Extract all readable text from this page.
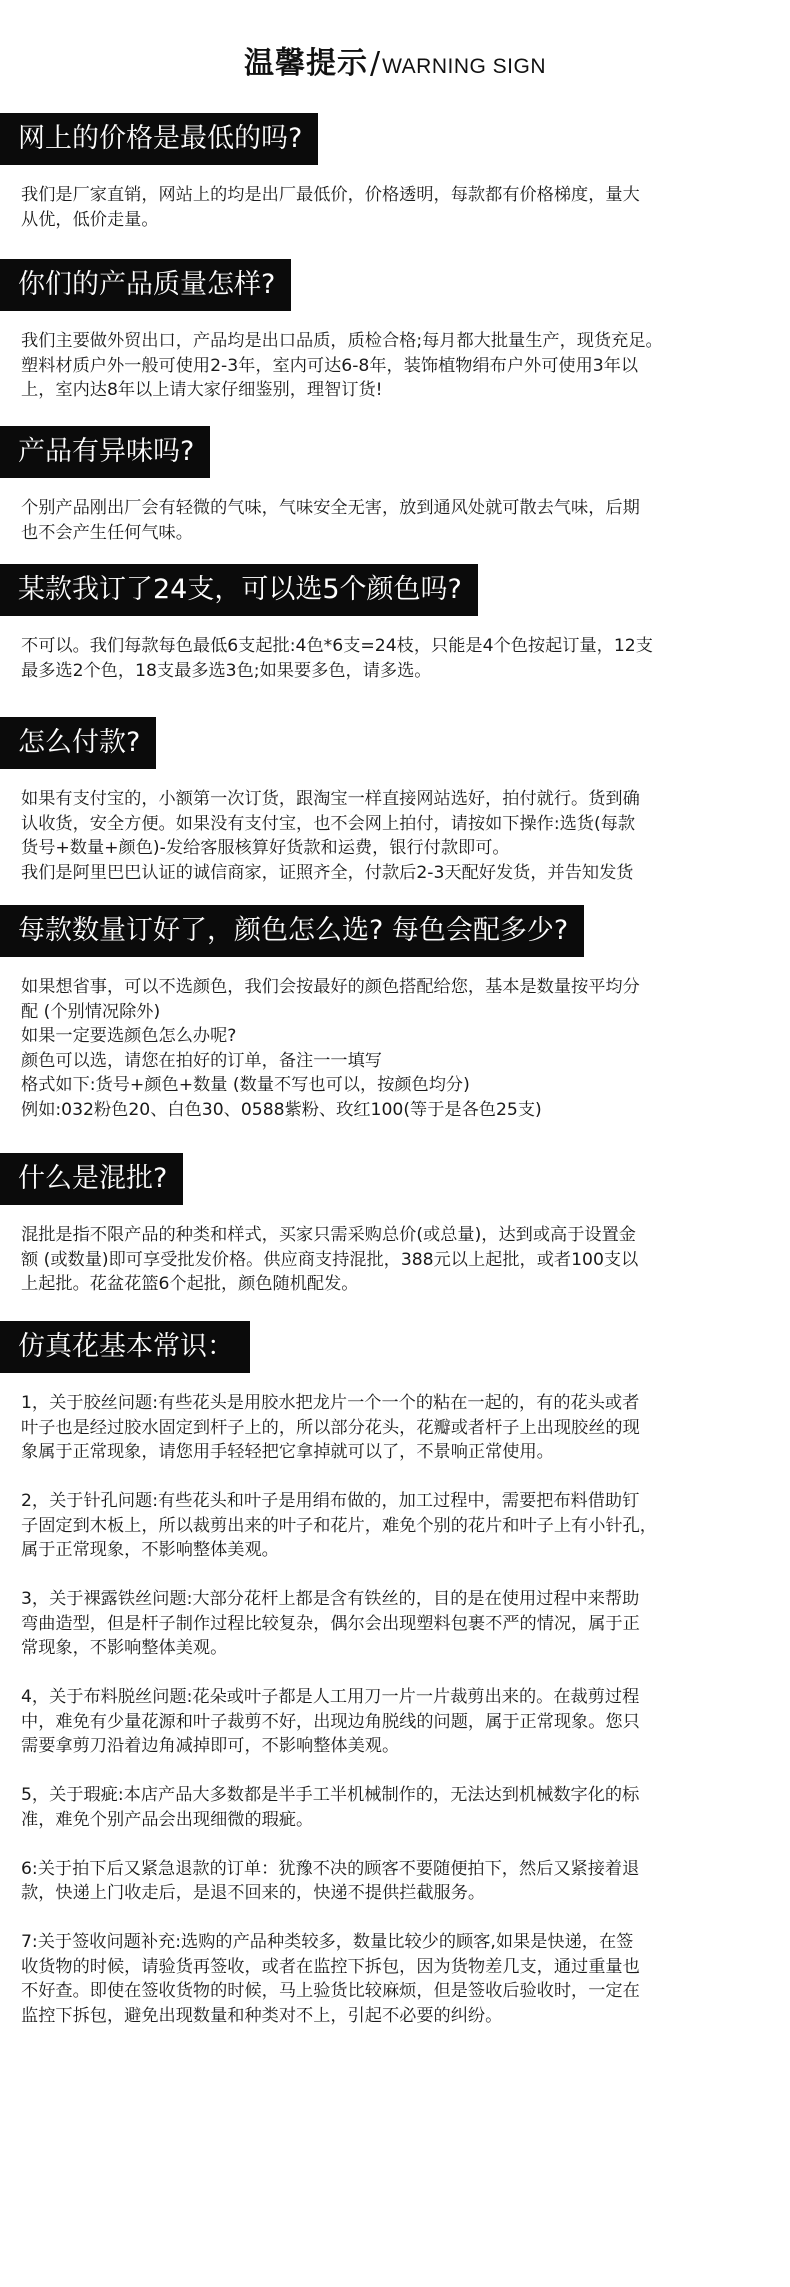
温馨提示/WARNING SIGN
网上的价格是最低的吗?
我们是厂家直销，网站上的均是出厂最低价，价格透明，每款都有价格梯度，量大
从优，低价走量。
你们的产品质量怎样?
我们主要做外贸出口，产品均是出口品质，质检合格;每月都大批量生产，现货充足。
塑料材质户外一般可使用2-3年，室内可达6-8年，装饰植物绢布户外可使用3年以
上，室内达8年以上请大家仔细鉴别，理智订货!
产品有异味吗?
个别产品刚出厂会有轻微的气味，气味安全无害，放到通风处就可散去气味，后期
也不会产生任何气味。
某款我订了24支，可以选5个颜色吗?
不可以。我们每款每色最低6支起批:4色*6支=24枝，只能是4个色按起订量，12支
最多选2个色，18支最多选3色;如果要多色，请多选。
怎么付款?
如果有支付宝的，小额第一次订货，跟淘宝一样直接网站选好，拍付就行。货到确
认收货，安全方便。如果没有支付宝，也不会网上拍付，请按如下操作:选货(每款
货号+数量+颜色)-发给客服核算好货款和运费，银行付款即可。
我们是阿里巴巴认证的诚信商家，证照齐全，付款后2-3天配好发货，并告知发货
每款数量订好了，颜色怎么选? 每色会配多少?
如果想省事，可以不选颜色，我们会按最好的颜色搭配给您，基本是数量按平均分
配 (个别情况除外)
如果一定要选颜色怎么办呢?
颜色可以选，请您在拍好的订单，备注一一填写
格式如下:货号+颜色+数量 (数量不写也可以，按颜色均分)
例如:032粉色20、白色30、0588紫粉、玫红100(等于是各色25支)
什么是混批?
混批是指不限产品的种类和样式，买家只需采购总价(或总量)，达到或高于设置金
额 (或数量)即可享受批发价格。供应商支持混批，388元以上起批，或者100支以
上起批。花盆花篮6个起批，颜色随机配发。
仿真花基本常识：
1，关于胶丝问题:有些花头是用胶水把龙片一个一个的粘在一起的，有的花头或者
叶子也是经过胶水固定到杆子上的，所以部分花头，花瓣或者杆子上出现胶丝的现
象属于正常现象，请您用手轻轻把它拿掉就可以了，不景响正常使用。
2，关于针孔问题:有些花头和叶子是用绢布做的，加工过程中，需要把布料借助钉
子固定到木板上，所以裁剪出来的叶子和花片，难免个别的花片和叶子上有小针孔，
属于正常现象，不影响整体美观。
3，关于裸露铁丝问题:大部分花杆上都是含有铁丝的，目的是在使用过程中来帮助
弯曲造型，但是杆子制作过程比较复杂，偶尔会出现塑料包裹不严的情况，属于正
常现象，不影响整体美观。
4，关于布料脱丝问题:花朵或叶子都是人工用刀一片一片裁剪出来的。在裁剪过程
中，难免有少量花源和叶子裁剪不好，出现边角脱线的问题，属于正常现象。您只
需要拿剪刀沿着边角减掉即可，不影响整体美观。
5，关于瑕疵:本店产品大多数都是半手工半机械制作的，无法达到机械数字化的标
准，难免个别产品会出现细微的瑕疵。
6:关于拍下后又紧急退款的订单：犹豫不决的顾客不要随便拍下，然后又紧接着退
款，快递上门收走后，是退不回来的，快递不提供拦截服务。
7:关于签收问题补充:选购的产品种类较多，数量比较少的顾客,如果是快递，在签
收货物的时候，请验货再签收，或者在监控下拆包，因为货物差几支，通过重量也
不好查。即使在签收货物的时候，马上验货比较麻烦，但是签收后验收时，一定在
监控下拆包，避免出现数量和种类对不上，引起不必要的纠纷。
